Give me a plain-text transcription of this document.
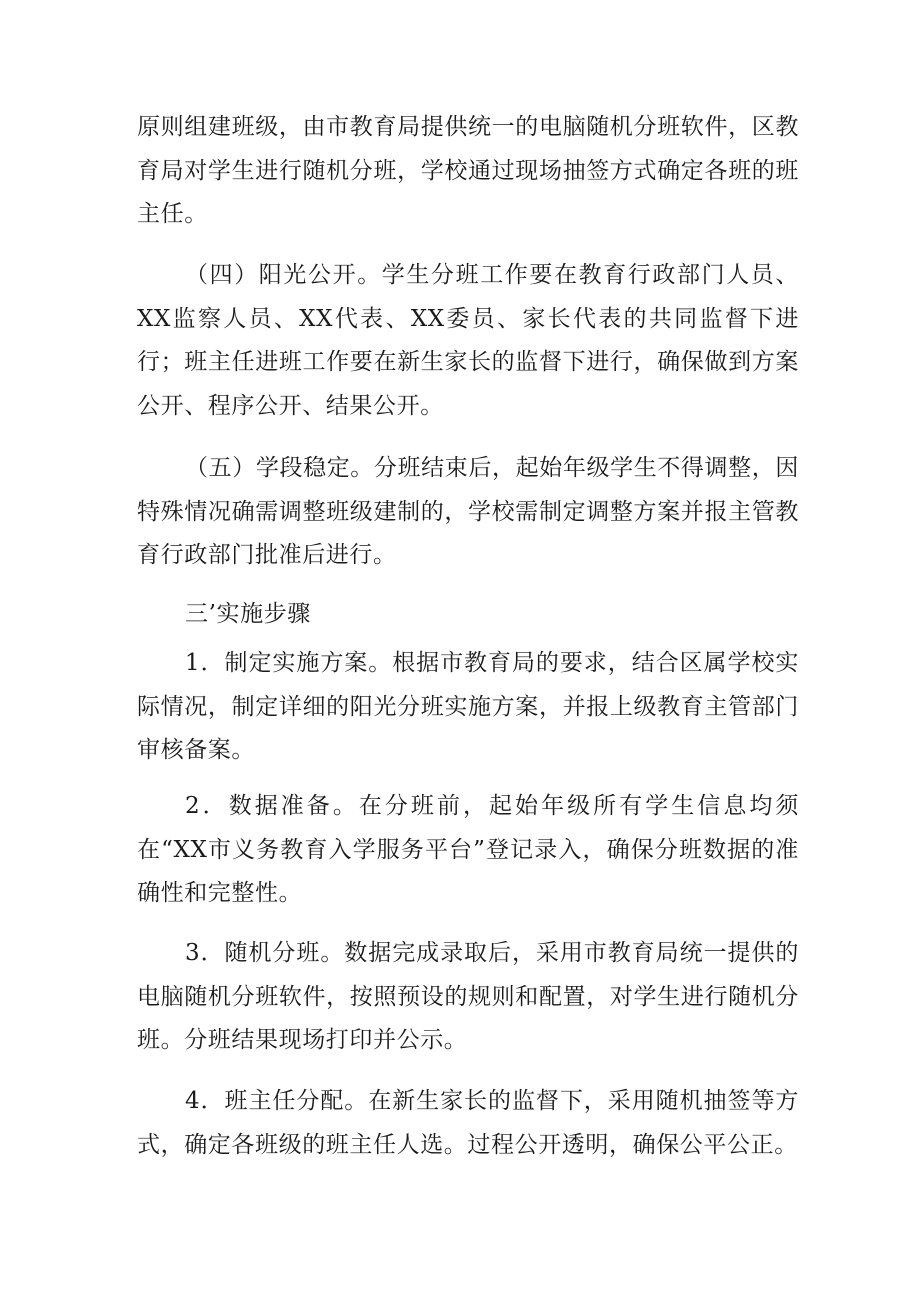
原则组建班级，由市教育局提供统一的电脑随机分班软件，区教育局对学生进行随机分班，学校通过现场抽签方式确定各班的班主任。

（四）阳光公开。学生分班工作要在教育行政部门人员、XX监察人员、XX代表、XX委员、家长代表的共同监督下进行；班主任进班工作要在新生家长的监督下进行，确保做到方案公开、程序公开、结果公开。

（五）学段稳定。分班结束后，起始年级学生不得调整，因特殊情况确需调整班级建制的，学校需制定调整方案并报主管教育行政部门批准后进行。

三’实施步骤

1．制定实施方案。根据市教育局的要求，结合区属学校实际情况，制定详细的阳光分班实施方案，并报上级教育主管部门审核备案。

2．数据准备。在分班前，起始年级所有学生信息均须在“XX市义务教育入学服务平台”登记录入，确保分班数据的准确性和完整性。

3．随机分班。数据完成录取后，采用市教育局统一提供的电脑随机分班软件，按照预设的规则和配置，对学生进行随机分班。分班结果现场打印并公示。

4．班主任分配。在新生家长的监督下，采用随机抽签等方式，确定各班级的班主任人选。过程公开透明，确保公平公正。
